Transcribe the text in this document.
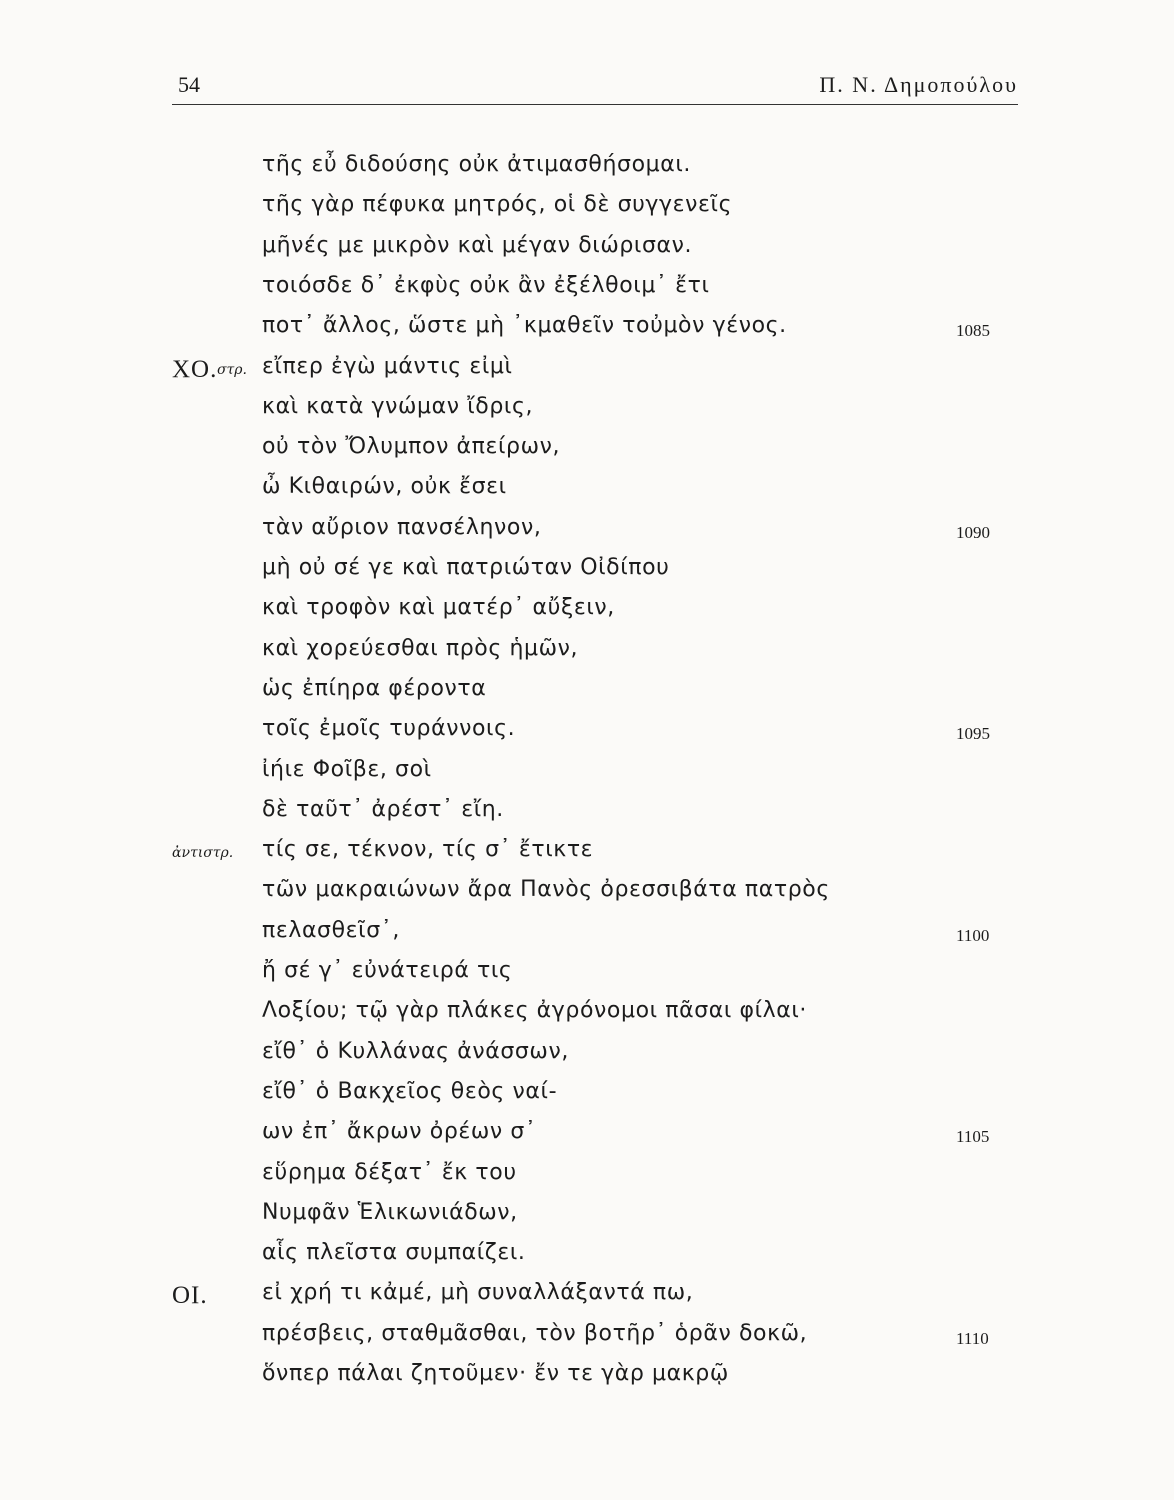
54	Π. Ν. Δημοπούλου
τῆς εὖ διδούσης οὐκ ἀτιμασθήσομαι.
τῆς γὰρ πέφυκα μητρός, οἱ δὲ συγγενεῖς
μῆνές με μικρὸν καὶ μέγαν διώρισαν.
τοιόσδε δ᾽ ἐκφὺς οὐκ ἂν ἐξέλθοιμ᾽ ἔτι
ποτ᾽ ἄλλος, ὥστε μὴ ᾽κμαθεῖν τοὐμὸν γένος.	1085
ΧΟ. στρ. εἴπερ ἐγὼ μάντις εἰμὶ
καὶ κατὰ γνώμαν ἴδρις,
οὐ τὸν Ὄλυμπον ἀπείρων,
ὦ Κιθαιρών, οὐκ ἔσει
τὰν αὔριον πανσέληνον,	1090
μὴ οὐ σέ γε καὶ πατριώταν Οἰδίπου
καὶ τροφὸν καὶ ματέρ᾽ αὔξειν,
καὶ χορεύεσθαι πρὸς ἡμῶν,
ὡς ἐπίηρα φέροντα
τοῖς ἐμοῖς τυράννοις.	1095
ἰήιε Φοῖβε, σοὶ
δὲ ταῦτ᾽ ἀρέστ᾽ εἴη.
ἀντιστρ. τίς σε, τέκνον, τίς σ᾽ ἔτικτε
τῶν μακραιώνων ἄρα Πανὸς ὀρεσσιβάτα πατρὸς
πελασθεῖσ᾽,	1100
ἤ σέ γ᾽ εὐνάτειρά τις
Λοξίου; τῷ γὰρ πλάκες ἀγρόνομοι πᾶσαι φίλαι·
εἴθ᾽ ὁ Κυλλάνας ἀνάσσων,
εἴθ᾽ ὁ Βακχεῖος θεὸς ναί-
ων ἐπ᾽ ἄκρων ὀρέων σ᾽	1105
εὕρημα δέξατ᾽ ἔκ του
Νυμφᾶν Ἑλικωνιάδων,
αἷς πλεῖστα συμπαίζει.
ΟΙ. εἰ χρή τι κἀμέ, μὴ συναλλάξαντά πω,
πρέσβεις, σταθμᾶσθαι, τὸν βοτῆρ᾽ ὁρᾶν δοκῶ,	1110
ὅνπερ πάλαι ζητοῦμεν· ἔν τε γὰρ μακρῷ
